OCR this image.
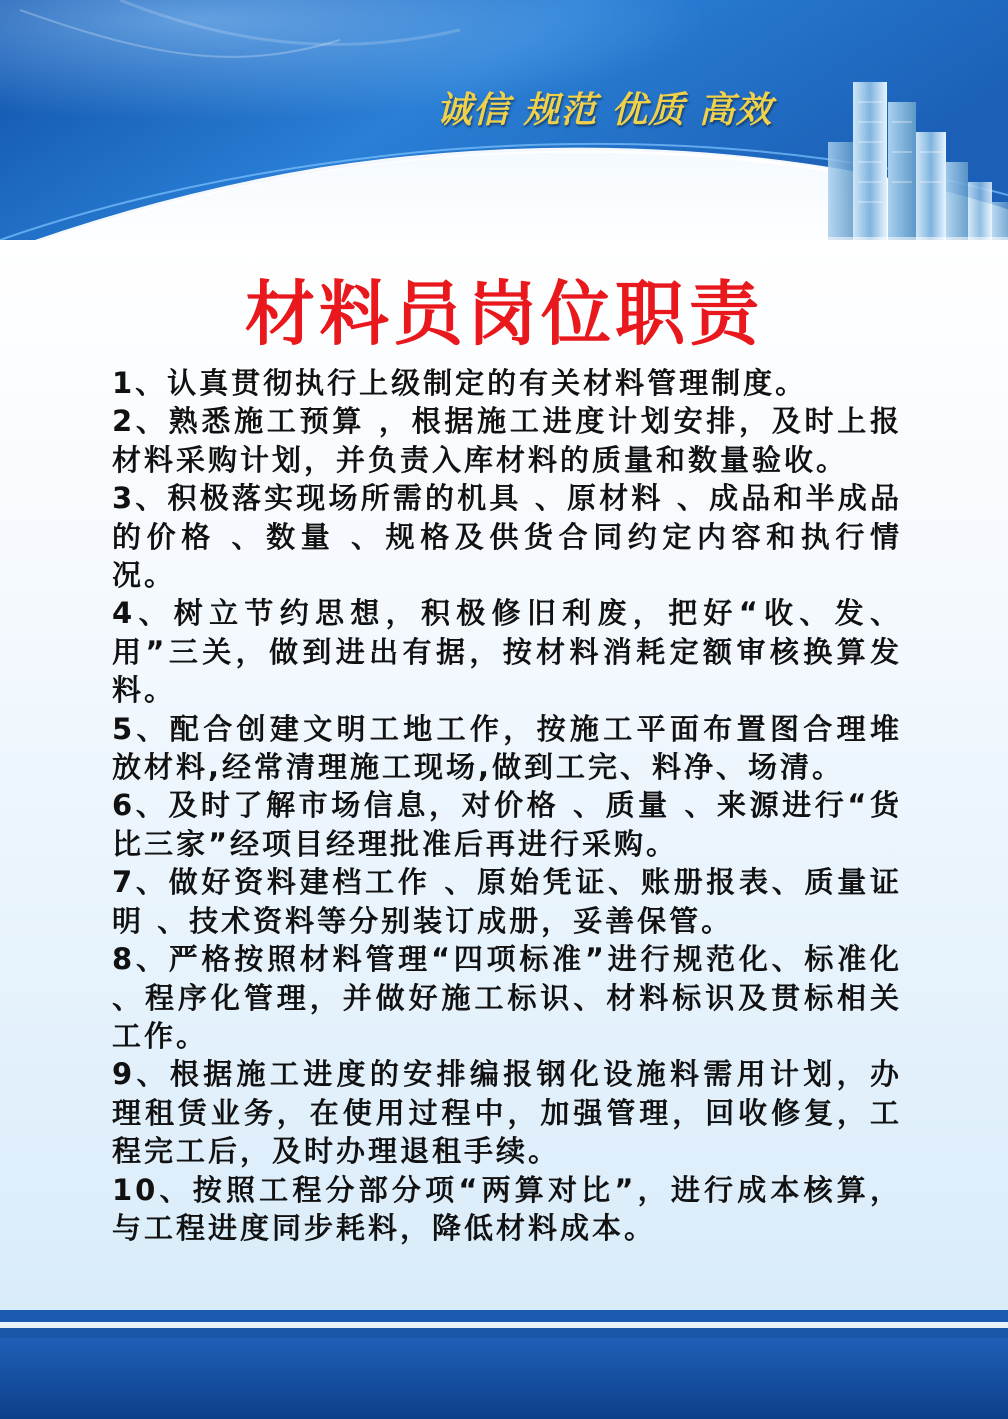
诚信 规范 优质 高效
材料员岗位职责
1、认真贯彻执行上级制定的有关材料管理制度。
2、熟悉施工预算 ，根据施工进度计划安排，及时上报材料采购计划，并负责入库材料的质量和数量验收。
3、积极落实现场所需的机具 、原材料 、成品和半成品的价格 、数量 、规格及供货合同约定内容和执行情况。
4、树立节约思想，积极修旧利废，把好“收、发、用”三关，做到进出有据，按材料消耗定额审核换算发料。
5、配合创建文明工地工作，按施工平面布置图合理堆放材料,经常清理施工现场,做到工完、料净、场清。
6、及时了解市场信息，对价格 、质量 、来源进行“货比三家”经项目经理批准后再进行采购。
7、做好资料建档工作 、原始凭证、账册报表、质量证明 、技术资料等分别装订成册，妥善保管。
8、严格按照材料管理“四项标准”进行规范化、标准化 、程序化管理，并做好施工标识、材料标识及贯标相关工作。
9、根据施工进度的安排编报钢化设施料需用计划，办理租赁业务，在使用过程中，加强管理，回收修复，工程完工后，及时办理退租手续。
10、按照工程分部分项“两算对比”，进行成本核算，与工程进度同步耗料，降低材料成本。
